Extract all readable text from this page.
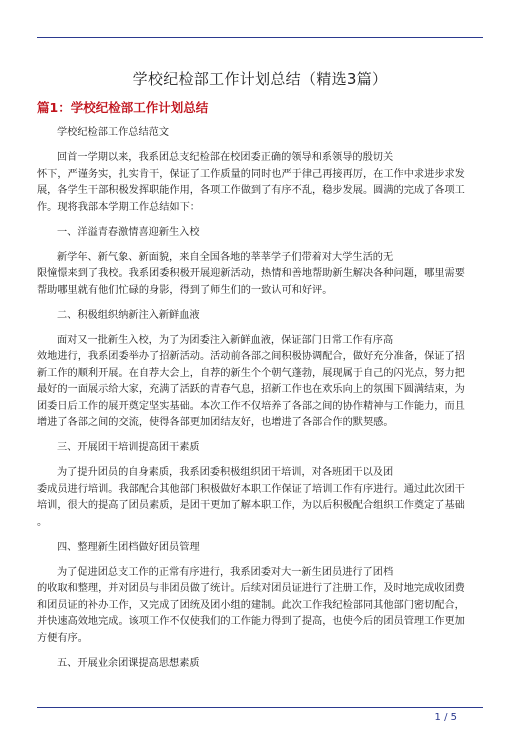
学校纪检部工作计划总结（精选3篇）
篇1：学校纪检部工作计划总结
学校纪检部工作总结范文
回首一学期以来，我系团总支纪检部在校团委正确的领导和系领导的殷切关
怀下，严谨务实，扎实肯干，保证了工作质量的同时也严于律己再接再厉，在工作中求进步求发
展，各学生干部积极发挥职能作用，各项工作做到了有序不乱，稳步发展。圆满的完成了各项工
作。现将我部本学期工作总结如下：
一、洋溢青春激情喜迎新生入校
新学年、新气象、新面貌，来自全国各地的莘莘学子们带着对大学生活的无
限憧憬来到了我校。我系团委积极开展迎新活动，热情和善地帮助新生解决各种问题，哪里需要
帮助哪里就有他们忙碌的身影，得到了师生们的一致认可和好评。
二、积极组织纳新注入新鲜血液
面对又一批新生入校，为了为团委注入新鲜血液，保证部门日常工作有序高
效地进行，我系团委举办了招新活动。活动前各部之间积极协调配合，做好充分准备，保证了招
新工作的顺利开展。在自荐大会上，自荐的新生个个朝气蓬勃，展现属于自己的闪光点，努力把
最好的一面展示给大家，充满了活跃的青春气息，招新工作也在欢乐向上的氛围下圆满结束，为
团委日后工作的展开奠定坚实基础。本次工作不仅培养了各部之间的协作精神与工作能力，而且
增进了各部之间的交流，使得各部更加团结友好，也增进了各部合作的默契感。
三、开展团干培训提高团干素质
为了提升团员的自身素质，我系团委积极组织团干培训，对各班团干以及团
委成员进行培训。我部配合其他部门积极做好本职工作保证了培训工作有序进行。通过此次团干
培训，很大的提高了团员素质，是团干更加了解本职工作，为以后积极配合组织工作奠定了基础
。
四、整理新生团档做好团员管理
为了促进团总支工作的正常有序进行，我系团委对大一新生团员进行了团档
的收取和整理，并对团员与非团员做了统计。后续对团员证进行了注册工作，及时地完成收团费
和团员证的补办工作，又完成了团统及团小组的建制。此次工作我纪检部同其他部门密切配合，
并快速高效地完成。该项工作不仅使我们的工作能力得到了提高，也使今后的团员管理工作更加
方便有序。
五、开展业余团课提高思想素质
1 / 5
